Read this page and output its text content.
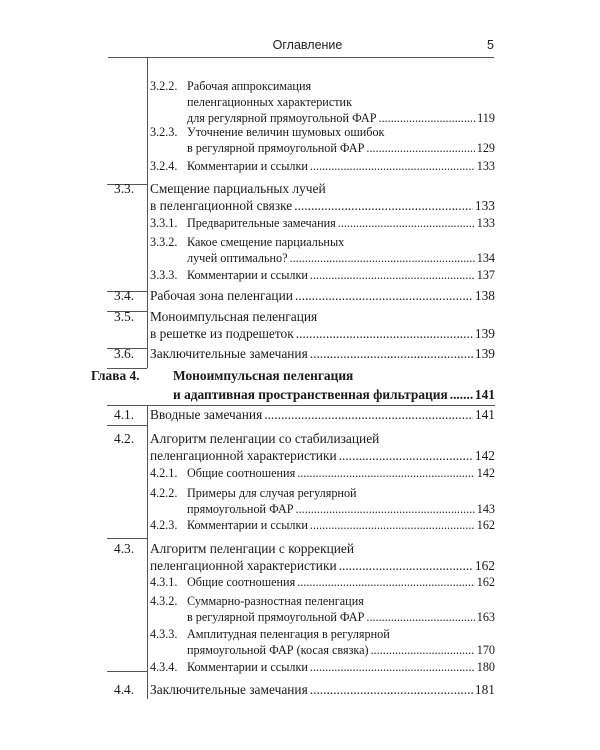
Оглавление	5
3.2.2. Рабочая аппроксимация
пеленгационных характеристик
для регулярной прямоугольной ФАР .....	119
3.2.3. Уточнение величин шумовых ошибок
в регулярной прямоугольной ФАР .....	129
3.2.4. Комментарии и ссылки .....	133
3.3. Смещение парциальных лучей
в пеленгационной связке .....	133
3.3.1. Предварительные замечания .....	133
3.3.2. Какое смещение парциальных
лучей оптимально? .....	134
3.3.3. Комментарии и ссылки .....	137
3.4. Рабочая зона пеленгации .....	138
3.5. Моноимпульсная пеленгация
в решетке из подрешеток .....	139
3.6. Заключительные замечания .....	139
Глава 4. Моноимпульсная пеленгация
и адаптивная пространственная фильтрация ..... 141
4.1. Вводные замечания .....	141
4.2. Алгоритм пеленгации со стабилизацией
пеленгационной характеристики .....	142
4.2.1. Общие соотношения .....	142
4.2.2. Примеры для случая регулярной
прямоугольной ФАР .....	143
4.2.3. Комментарии и ссылки .....	162
4.3. Алгоритм пеленгации с коррекцией
пеленгационной характеристики .....	162
4.3.1. Общие соотношения .....	162
4.3.2. Суммарно-разностная пеленгация
в регулярной прямоугольной ФАР .....	163
4.3.3. Амплитудная пеленгация в регулярной
прямоугольной ФАР (косая связка) .....	170
4.3.4. Комментарии и ссылки .....	180
4.4. Заключительные замечания .....	181
